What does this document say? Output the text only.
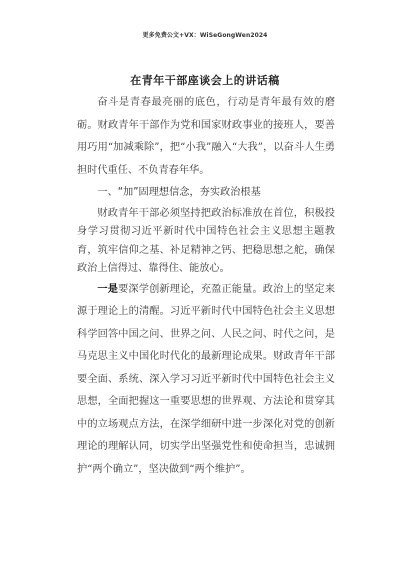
更多免费公文+VX：WiSeGongWen2024
在青年干部座谈会上的讲话稿

奋斗是青春最亮丽的底色，行动是青年最有效的磨砺。财政青年干部作为党和国家财政事业的接班人，要善用巧用“加减乘除”，把“小我”融入“大我”，以奋斗人生勇担时代重任、不负青春年华。

一、“加”固理想信念，夯实政治根基

财政青年干部必须坚持把政治标准放在首位，积极投身学习贯彻习近平新时代中国特色社会主义思想主题教育，筑牢信仰之基、补足精神之钙、把稳思想之舵，确保政治上信得过、靠得住、能放心。

一是要深学创新理论，充盈正能量。政治上的坚定来源于理论上的清醒。习近平新时代中国特色社会主义思想科学回答中国之问、世界之问、人民之问、时代之问，是马克思主义中国化时代化的最新理论成果。财政青年干部要全面、系统、深入学习习近平新时代中国特色社会主义思想，全面把握这一重要思想的世界观、方法论和贯穿其中的立场观点方法，在深学细研中进一步深化对党的创新理论的理解认同，切实学出坚强党性和使命担当，忠诚拥护“两个确立”，坚决做到“两个维护”。
